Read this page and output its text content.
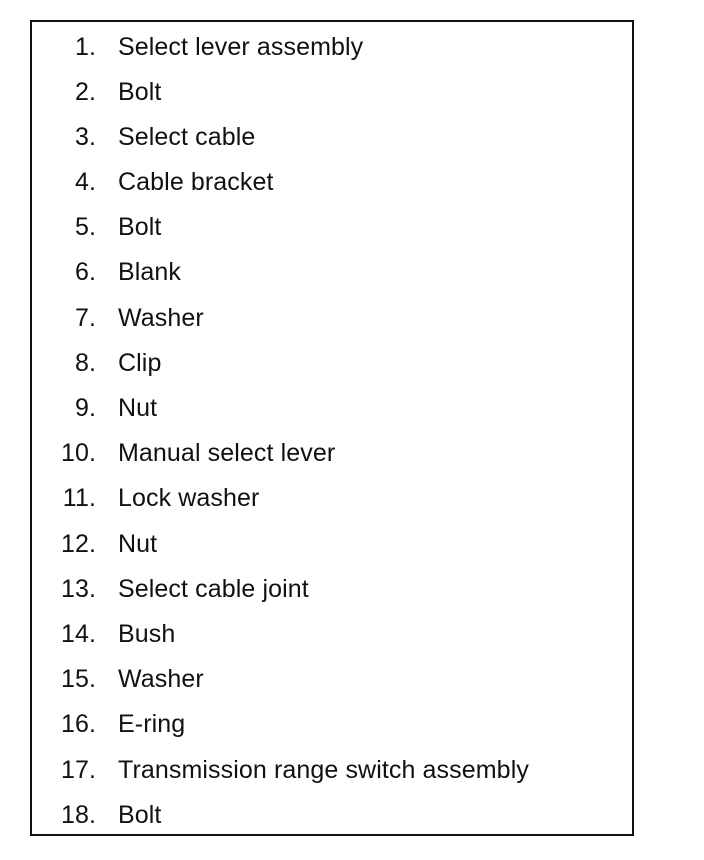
1. Select lever assembly
2. Bolt
3. Select cable
4. Cable bracket
5. Bolt
6. Blank
7. Washer
8. Clip
9. Nut
10. Manual select lever
11. Lock washer
12. Nut
13. Select cable joint
14. Bush
15. Washer
16. E-ring
17. Transmission range switch assembly
18. Bolt
